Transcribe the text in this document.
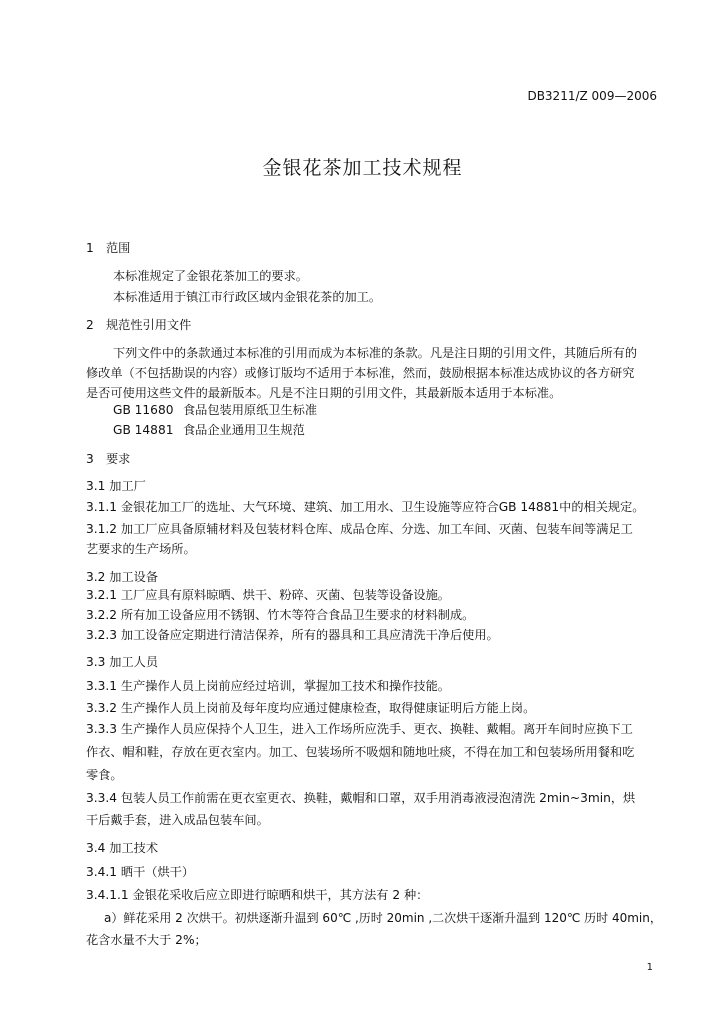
DB3211/Z 009—2006
金银花茶加工技术规程
1　范围
本标准规定了金银花茶加工的要求。
本标准适用于镇江市行政区域内金银花茶的加工。
2　规范性引用文件
下列文件中的条款通过本标准的引用而成为本标准的条款。凡是注日期的引用文件，其随后所有的
修改单（不包括勘误的内容）或修订版均不适用于本标准，然而，鼓励根据本标准达成协议的各方研究
是否可使用这些文件的最新版本。凡是不注日期的引用文件，其最新版本适用于本标准。
GB 11680 食品包装用原纸卫生标准
GB 14881 食品企业通用卫生规范
3　要求
3.1 加工厂
3.1.1 金银花加工厂的选址、大气环境、建筑、加工用水、卫生设施等应符合GB 14881中的相关规定。
3.1.2 加工厂应具备原辅材料及包装材料仓库、成品仓库、分选、加工车间、灭菌、包装车间等满足工
艺要求的生产场所。
3.2 加工设备
3.2.1 工厂应具有原料晾晒、烘干、粉碎、灭菌、包装等设备设施。
3.2.2 所有加工设备应用不锈钢、竹木等符合食品卫生要求的材料制成。
3.2.3 加工设备应定期进行清洁保养，所有的器具和工具应清洗干净后使用。
3.3 加工人员
3.3.1 生产操作人员上岗前应经过培训，掌握加工技术和操作技能。
3.3.2 生产操作人员上岗前及每年度均应通过健康检查，取得健康证明后方能上岗。
3.3.3 生产操作人员应保持个人卫生，进入工作场所应洗手、更衣、换鞋、戴帽。离开车间时应换下工
作衣、帽和鞋，存放在更衣室内。加工、包装场所不吸烟和随地吐痰，不得在加工和包装场所用餐和吃
零食。
3.3.4 包装人员工作前需在更衣室更衣、换鞋，戴帽和口罩，双手用消毒液浸泡清洗 2min~3min，烘
干后戴手套，进入成品包装车间。
3.4 加工技术
3.4.1 晒干（烘干）
3.4.1.1 金银花采收后应立即进行晾晒和烘干，其方法有 2 种：
a）鲜花采用 2 次烘干。初烘逐渐升温到 60℃ ,历时 20min ,二次烘干逐渐升温到 120℃ 历时 40min，
花含水量不大于 2%；
1
